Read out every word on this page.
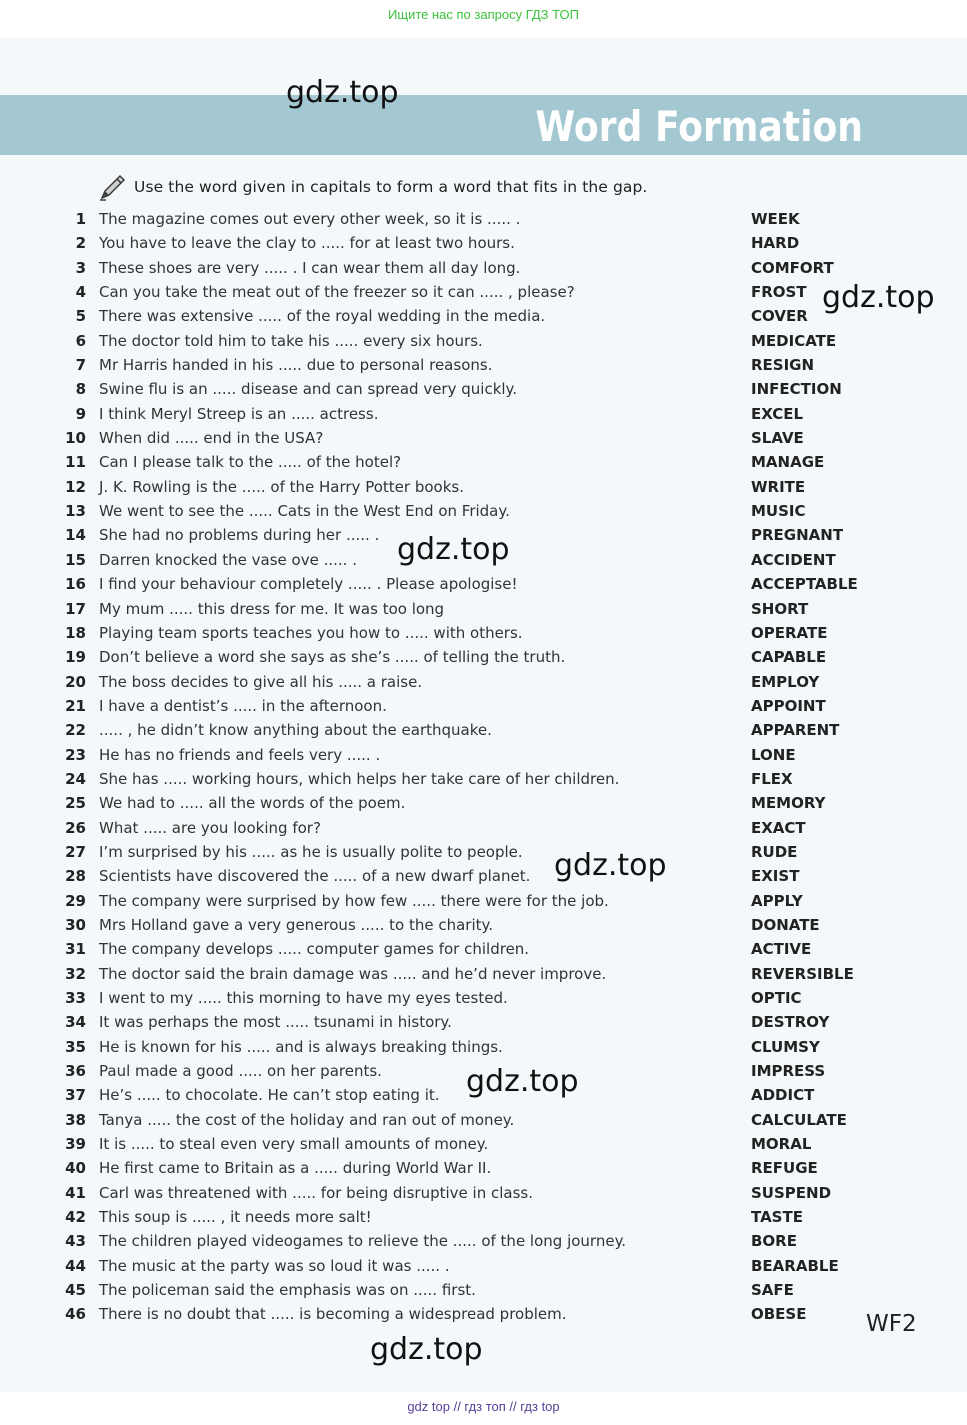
Ищите нас по запросу ГДЗ ТОП
Word Formation
gdz.top
gdz.top
gdz.top
gdz.top
gdz.top
gdz.top
Use the word given in capitals to form a word that fits in the gap.
1 The magazine comes out every other week, so it is ..... .	WEEK
2 You have to leave the clay to ..... for at least two hours.	HARD
3 These shoes are very ..... . I can wear them all day long.	COMFORT
4 Can you take the meat out of the freezer so it can ..... , please?	FROST
5 There was extensive ..... of the royal wedding in the media.	COVER
6 The doctor told him to take his ..... every six hours.	MEDICATE
7 Mr Harris handed in his ..... due to personal reasons.	RESIGN
8 Swine flu is an ..... disease and can spread very quickly.	INFECTION
9 I think Meryl Streep is an ..... actress.	EXCEL
10 When did ..... end in the USA?	SLAVE
11 Can I please talk to the ..... of the hotel?	MANAGE
12 J. K. Rowling is the ..... of the Harry Potter books.	WRITE
13 We went to see the ..... Cats in the West End on Friday.	MUSIC
14 She had no problems during her ..... .	PREGNANT
15 Darren knocked the vase ove ..... .	ACCIDENT
16 I find your behaviour completely ..... . Please apologise!	ACCEPTABLE
17 My mum ..... this dress for me. It was too long	SHORT
18 Playing team sports teaches you how to ..... with others.	OPERATE
19 Don’t believe a word she says as she’s ..... of telling the truth.	CAPABLE
20 The boss decides to give all his ..... a raise.	EMPLOY
21 I have a dentist’s ..... in the afternoon.	APPOINT
22 ..... , he didn’t know anything about the earthquake.	APPARENT
23 He has no friends and feels very ..... .	LONE
24 She has ..... working hours, which helps her take care of her children.	FLEX
25 We had to ..... all the words of the poem.	MEMORY
26 What ..... are you looking for?	EXACT
27 I’m surprised by his ..... as he is usually polite to people.	RUDE
28 Scientists have discovered the ..... of a new dwarf planet.	EXIST
29 The company were surprised by how few ..... there were for the job.	APPLY
30 Mrs Holland gave a very generous ..... to the charity.	DONATE
31 The company develops ..... computer games for children.	ACTIVE
32 The doctor said the brain damage was ..... and he’d never improve.	REVERSIBLE
33 I went to my ..... this morning to have my eyes tested.	OPTIC
34 It was perhaps the most ..... tsunami in history.	DESTROY
35 He is known for his ..... and is always breaking things.	CLUMSY
36 Paul made a good ..... on her parents.	IMPRESS
37 He’s ..... to chocolate. He can’t stop eating it.	ADDICT
38 Tanya ..... the cost of the holiday and ran out of money.	CALCULATE
39 It is ..... to steal even very small amounts of money.	MORAL
40 He first came to Britain as a ..... during World War II.	REFUGE
41 Carl was threatened with ..... for being disruptive in class.	SUSPEND
42 This soup is ..... , it needs more salt!	TASTE
43 The children played videogames to relieve the ..... of the long journey.	BORE
44 The music at the party was so loud it was ..... .	BEARABLE
45 The policeman said the emphasis was on ..... first.	SAFE
46 There is no doubt that ..... is becoming a widespread problem.	OBESE	WF2
gdz top // гдз топ // гдз top
